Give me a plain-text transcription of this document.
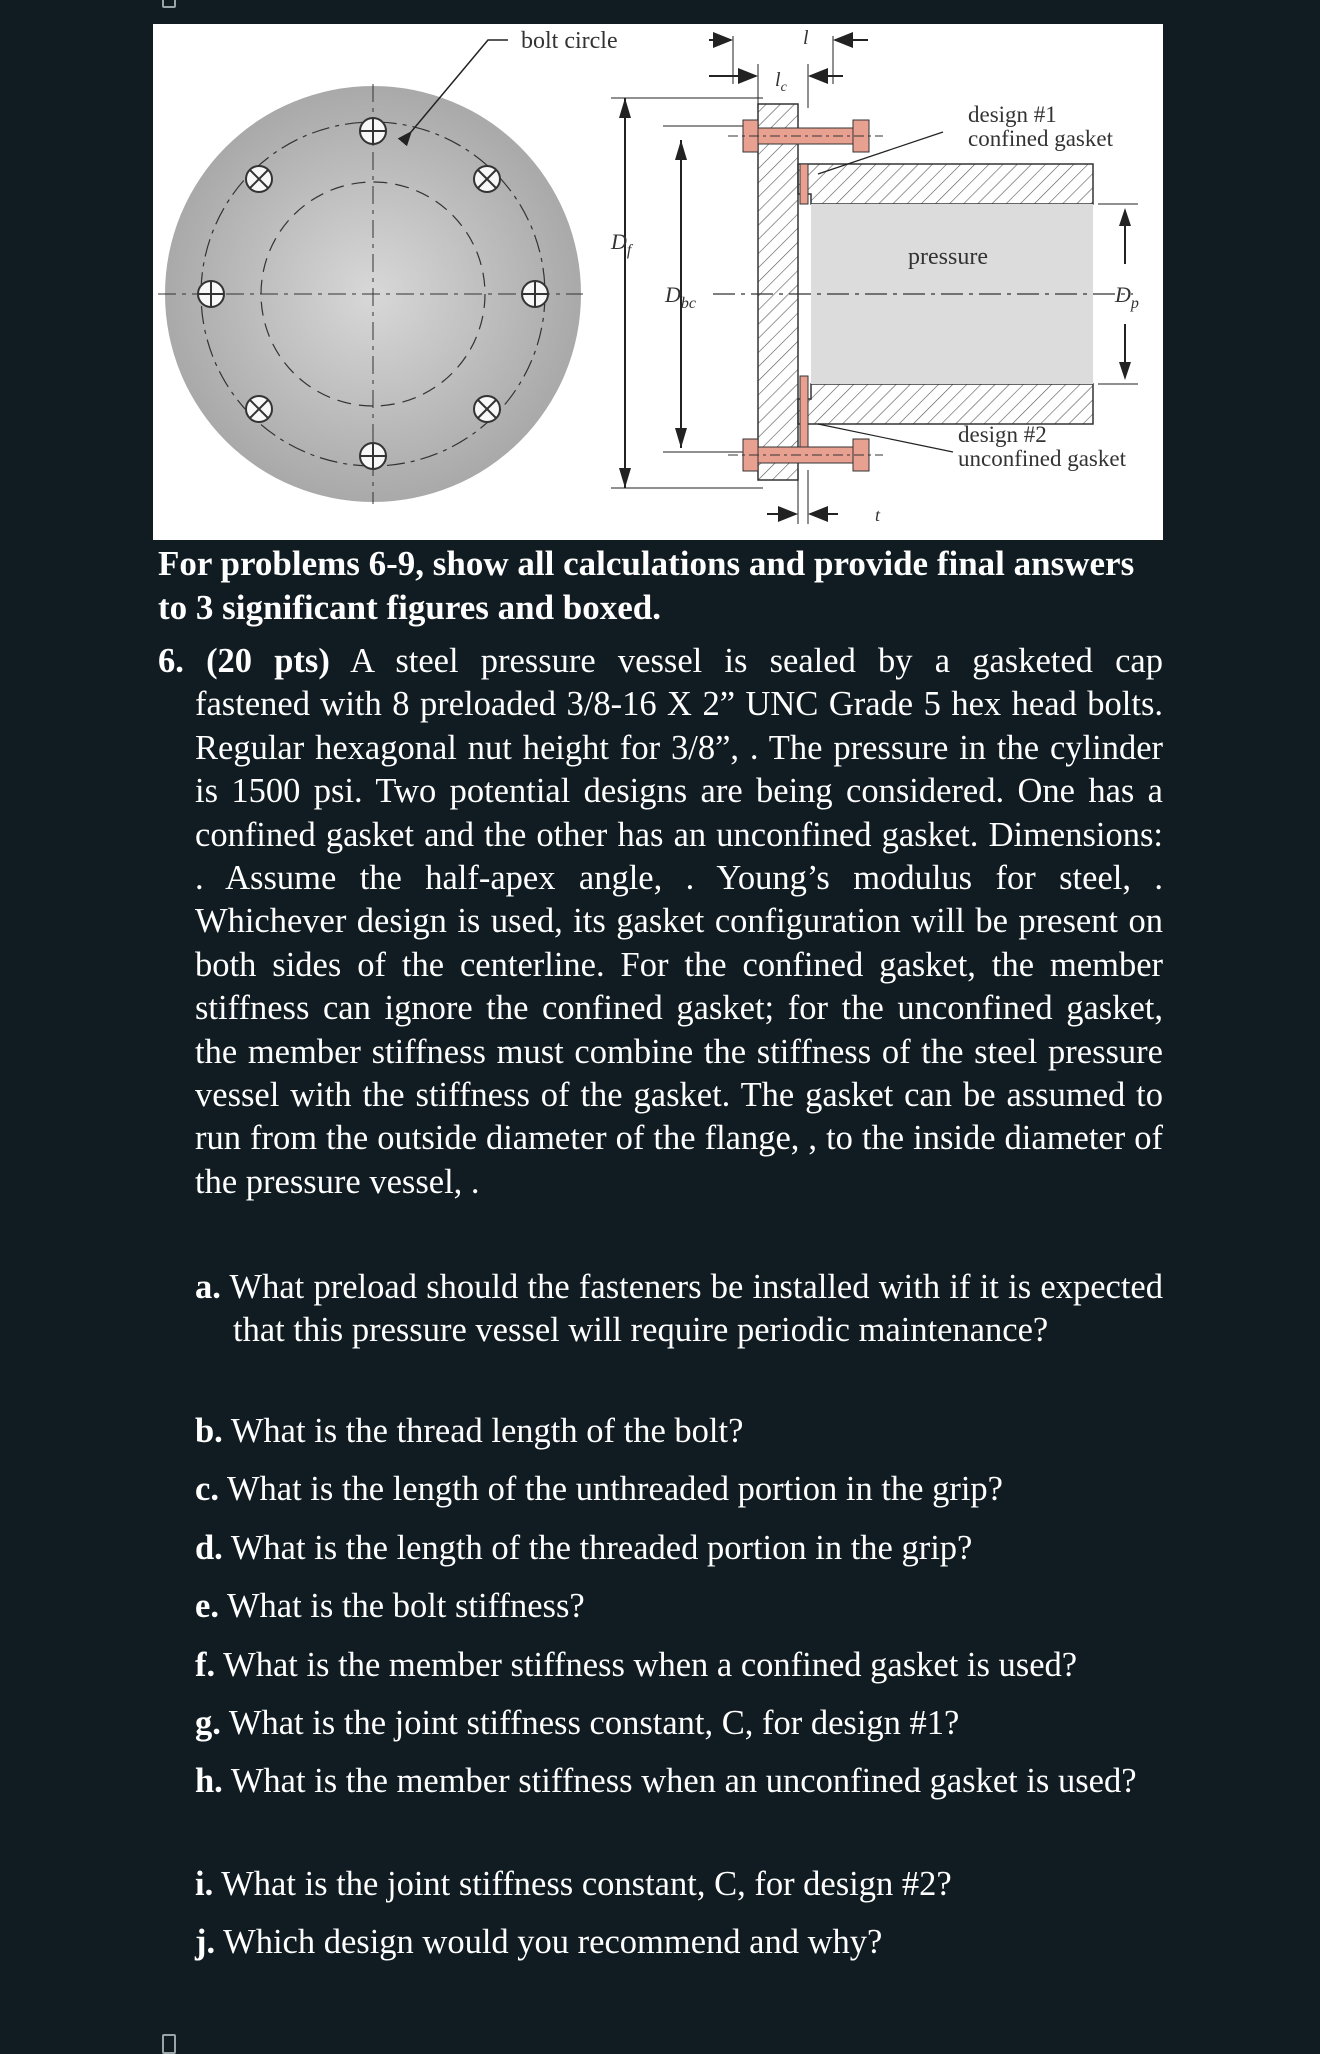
bolt circle
$D_f$
$D_{bc}$
pressure
$D_p$
l
$l_c$
design #1
confined gasket
design #2
unconfined gasket
t
For problems 6-9, show all calculations and provide final answers to 3 significant figures and boxed.
6. (20 pts) A steel pressure vessel is sealed by a gasketed cap
fastened with 8 preloaded 3/8-16 X 2” UNC Grade 5 hex head bolts. Regular hexagonal nut height for 3/8”, . The pressure in the cylinder is 1500 psi. Two potential designs are being considered. One has a confined gasket and the other has an unconfined gasket. Dimensions: . Assume the half-apex angle, . Young’s modulus for steel, . Whichever design is used, its gasket configuration will be present on both sides of the centerline. For the confined gasket, the member stiffness can ignore the confined gasket; for the unconfined gasket, the member stiffness must combine the stiffness of the steel pressure vessel with the stiffness of the gasket. The gasket can be assumed to run from the outside diameter of the flange, , to the inside diameter of the pressure vessel, .
a. What preload should the fasteners be installed with if it is expected that this pressure vessel will require periodic maintenance?
b. What is the thread length of the bolt?
c. What is the length of the unthreaded portion in the grip?
d. What is the length of the threaded portion in the grip?
e. What is the bolt stiffness?
f. What is the member stiffness when a confined gasket is used?
g. What is the joint stiffness constant, C, for design #1?
h. What is the member stiffness when an unconfined gasket is used?
i. What is the joint stiffness constant, C, for design #2?
j. Which design would you recommend and why?
